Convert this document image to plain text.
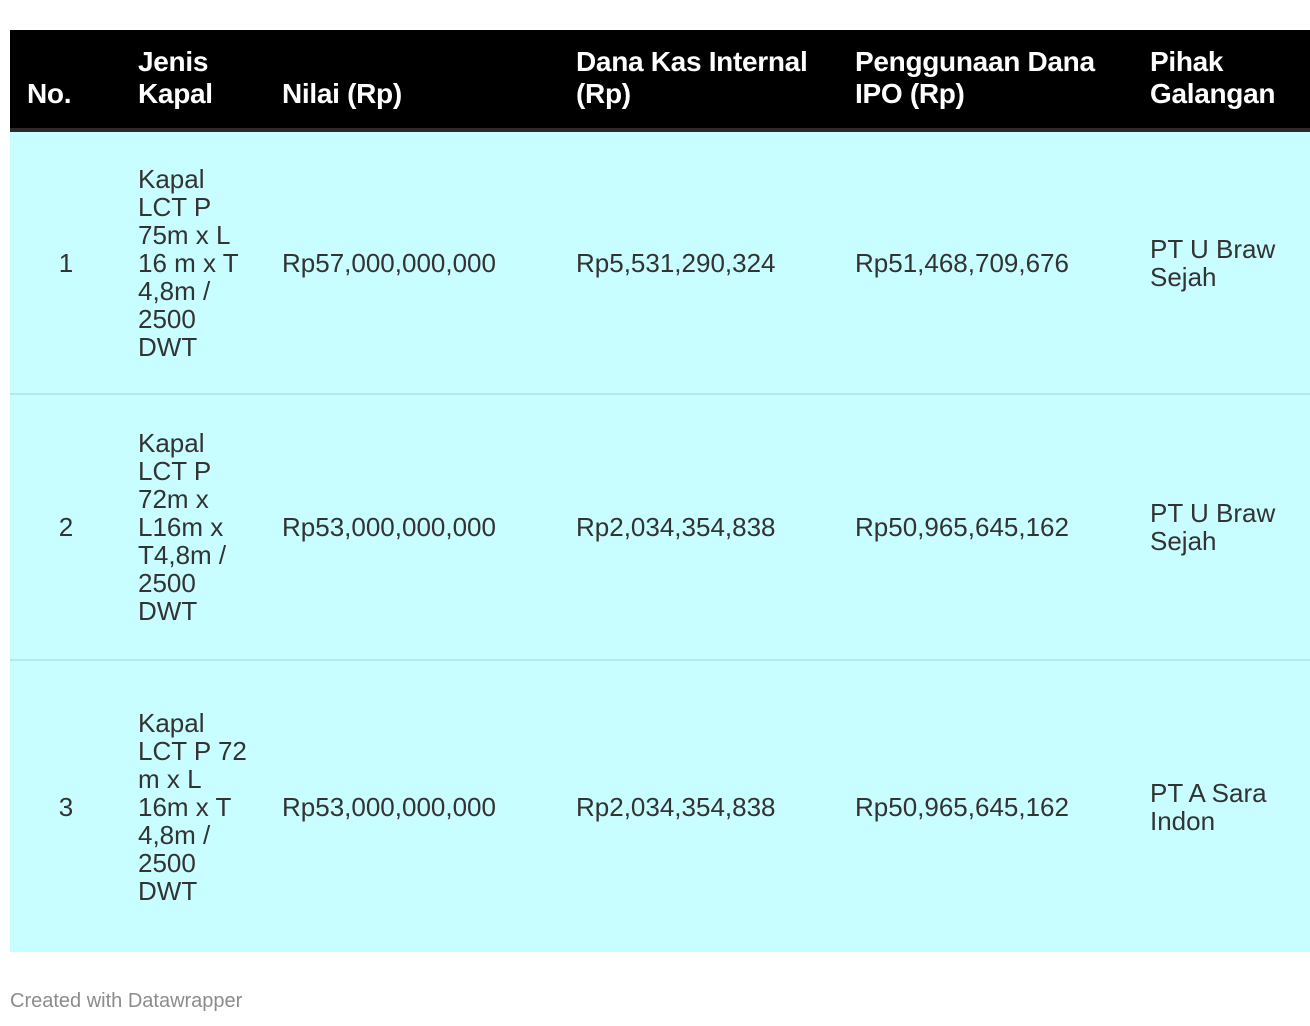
No.	Jenis Kapal	Nilai (Rp)	Dana Kas Internal (Rp)	Penggunaan Dana IPO (Rp)	Pihak Galangan

1	Kapal LCT P 75m x L 16 m x T 4,8m / 2500 DWT	Rp57,000,000,000	Rp5,531,290,324	Rp51,468,709,676	PT U Braw Sejah
2	Kapal LCT P 72m x L16m x T4,8m / 2500 DWT	Rp53,000,000,000	Rp2,034,354,838	Rp50,965,645,162	PT U Braw Sejah
3	Kapal LCT P 72 m x L 16m x T 4,8m / 2500 DWT	Rp53,000,000,000	Rp2,034,354,838	Rp50,965,645,162	PT A Sara Indon
Created with Datawrapper
